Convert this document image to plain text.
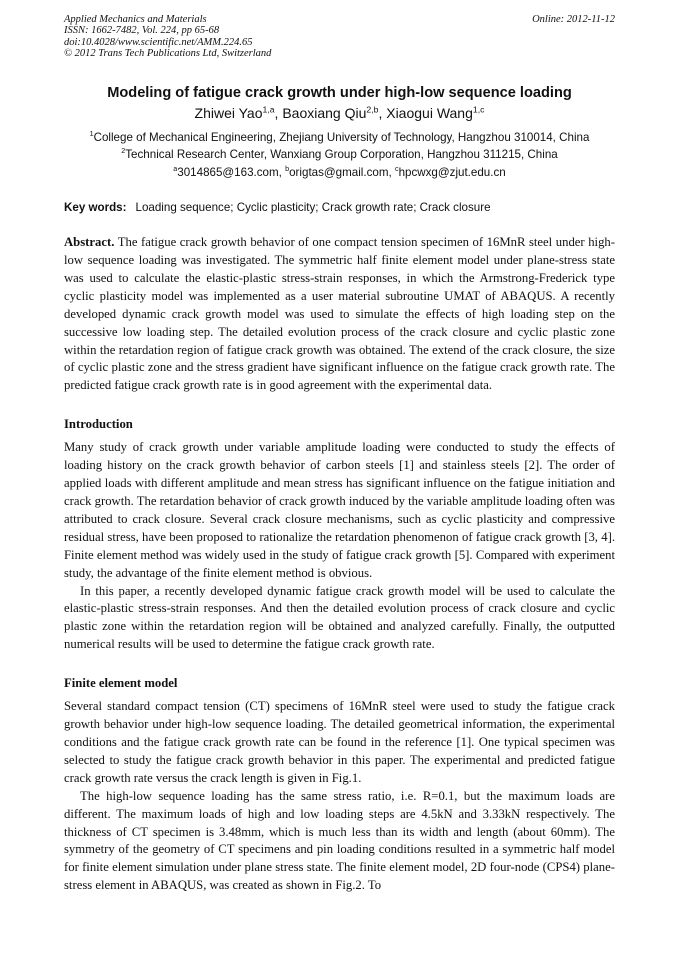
Applied Mechanics and Materials
ISSN: 1662-7482, Vol. 224, pp 65-68
doi:10.4028/www.scientific.net/AMM.224.65
© 2012 Trans Tech Publications Ltd, Switzerland
Online: 2012-11-12
Modeling of fatigue crack growth under high-low sequence loading
Zhiwei Yao$^{1,a}$, Baoxiang Qiu$^{2,b}$, Xiaogui Wang$^{1,c}$
$^1$College of Mechanical Engineering, Zhejiang University of Technology, Hangzhou 310014, China
$^2$Technical Research Center, Wanxiang Group Corporation, Hangzhou 311215, China
$^a$3014865@163.com, $^b$origtas@gmail.com, $^c$hpcwxg@zjut.edu.cn
Key words: Loading sequence; Cyclic plasticity; Crack growth rate; Crack closure

Abstract. The fatigue crack growth behavior of one compact tension specimen of 16MnR steel under high-low sequence loading was investigated. The symmetric half finite element model under plane-stress state was used to calculate the elastic-plastic stress-strain responses, in which the Armstrong-Frederick type cyclic plasticity model was implemented as a user material subroutine UMAT of ABAQUS. A recently developed dynamic crack growth model was used to simulate the effects of high loading step on the successive low loading step. The detailed evolution process of the crack closure and cyclic plastic zone within the retardation region of fatigue crack growth was obtained. The extend of the crack closure, the size of cyclic plastic zone and the stress gradient have significant influence on the fatigue crack growth rate. The predicted fatigue crack growth rate is in good agreement with the experimental data.

Introduction

Many study of crack growth under variable amplitude loading were conducted to study the effects of loading history on the crack growth behavior of carbon steels [1] and stainless steels [2]. The order of applied loads with different amplitude and mean stress has significant influence on the fatigue initiation and crack growth. The retardation behavior of crack growth induced by the variable amplitude loading often was attributed to crack closure. Several crack closure mechanisms, such as cyclic plasticity and compressive residual stress, have been proposed to rationalize the retardation phenomenon of fatigue crack growth [3, 4]. Finite element method was widely used in the study of fatigue crack growth [5]. Compared with experiment study, the advantage of the finite element method is obvious.

In this paper, a recently developed dynamic fatigue crack growth model will be used to calculate the elastic-plastic stress-strain responses. And then the detailed evolution process of crack closure and cyclic plastic zone within the retardation region will be obtained and analyzed carefully. Finally, the outputted numerical results will be used to determine the fatigue crack growth rate.

Finite element model

Several standard compact tension (CT) specimens of 16MnR steel were used to study the fatigue crack growth behavior under high-low sequence loading. The detailed geometrical information, the experimental conditions and the fatigue crack growth rate can be found in the reference [1]. One typical specimen was selected to study the fatigue crack growth behavior in this paper. The experimental and predicted fatigue crack growth rate versus the crack length is given in Fig.1.

The high-low sequence loading has the same stress ratio, i.e. R=0.1, but the maximum loads are different. The maximum loads of high and low loading steps are 4.5kN and 3.33kN respectively. The thickness of CT specimen is 3.48mm, which is much less than its width and length (about 60mm). The symmetry of the geometry of CT specimens and pin loading conditions resulted in a symmetric half model for finite element simulation under plane stress state. The finite element model, 2D four-node (CPS4) plane-stress element in ABAQUS, was created as shown in Fig.2. To
